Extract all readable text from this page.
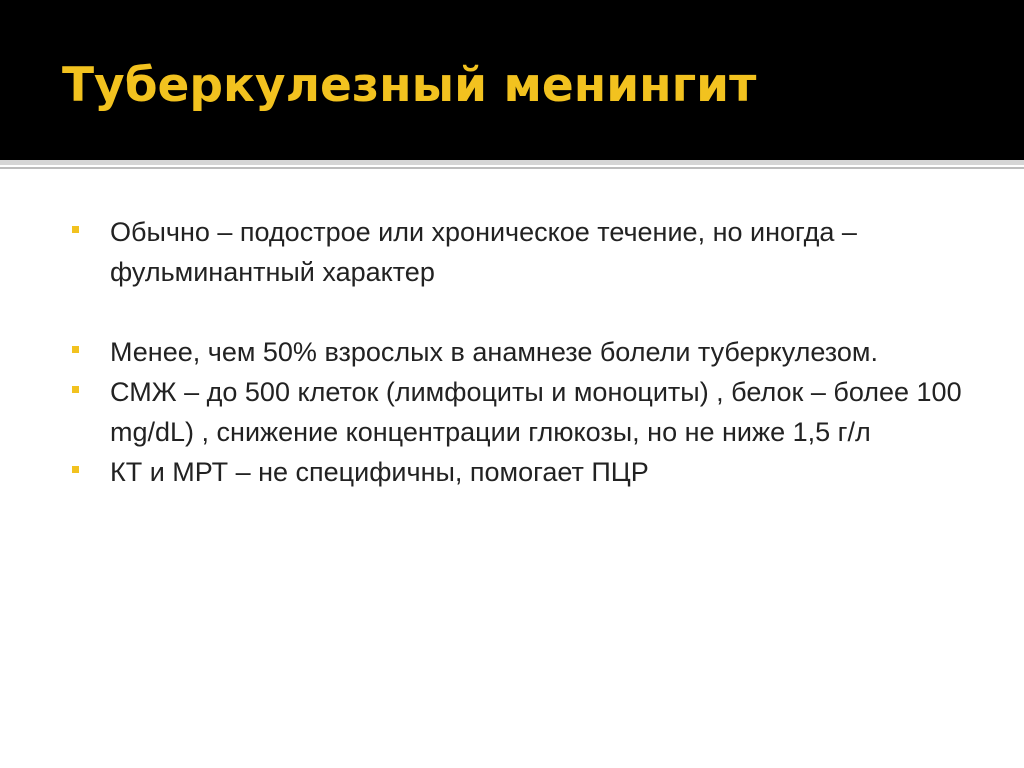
Туберкулезный менингит
Обычно – подострое или хроническое течение, но иногда – фульминантный характер
Менее, чем 50% взрослых в анамнезе болели туберкулезом.
СМЖ – до 500 клеток (лимфоциты и моноциты) , белок – более 100 mg/dL) , снижение концентрации глюкозы, но не ниже 1,5 г/л
КТ и МРТ – не специфичны, помогает ПЦР
